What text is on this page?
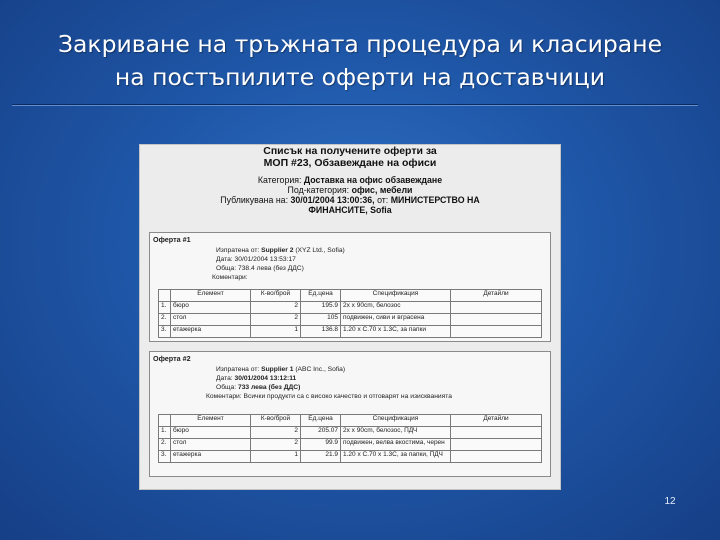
Закриване на тръжната процедура и класиране
на постъпилите оферти на доставчици
Списък на получените оферти за
МОП #23, Обзавеждане на офиси
Категория: Доставка на офис обзавеждане
Под-категория: офис, мебели
Публикувана на: 30/01/2004 13:00:36, от: МИНИСТЕРСТВО НА
ФИНАНСИТЕ, Sofia
Оферта #1
Изпратена от: Supplier 2 (XYZ Ltd., Sofia)
Дата: 30/01/2004 13:53:17
Обща: 738.4 лева (без ДДС)
Коментари:
	Елемент	К-во/брой	Ед.цена	Спецификация	Детайли
1.	бюро	2	195.9	2x x 90cm, белозос	
2.	стол	2	105	подвижен, сиви и вграсена	
3.	етажерка	1	136.8	1.20 x С.70 x 1.3С, за папки	
Оферта #2
Изпратена от: Supplier 1 (ABC Inc., Sofia)
Дата: 30/01/2004 13:12:11
Обща: 733 лева (без ДДС)
Коментари: Всички продукти са с високо качество и отговарят на изискванията
	Елемент	К-во/брой	Ед.цена	Спецификация	Детайли
1.	бюро	2	205.07	2x x 90cm, белозос, ПДЧ	
2.	стол	2	99.9	подвижен, велва вкостима, черен	
3.	етажерка	1	21.9	1.20 x С.70 x 1.3С, за папки, ПДЧ	
12
